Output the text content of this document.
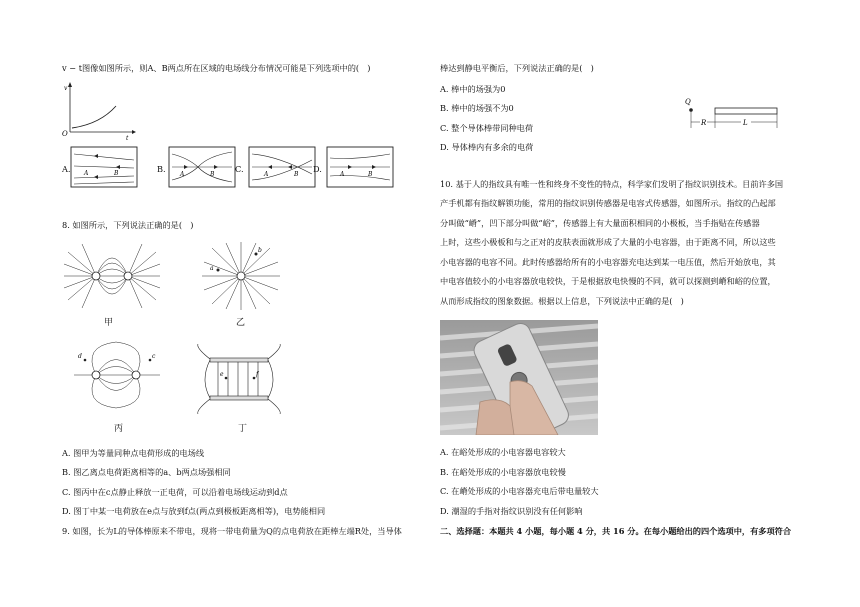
v − t图像如图所示，则A、B两点所在区域的电场线分布情况可能是下列选项中的(　)
v
O
t
A. A	B	B.
A	B
C.
A	B
D.
A	B
8. 如图所示，下列说法正确的是(　)
甲
a
b
乙
d	c
丙
e	f
丁
A. 图甲为等量同种点电荷形成的电场线
B. 图乙离点电荷距离相等的a、b两点场强相同
C. 图丙中在c点静止释放一正电荷，可以沿着电场线运动到d点
D. 图丁中某一电荷放在e点与放到f点(两点到极板距离相等)，电势能相同
9. 如图，长为L的导体棒原来不带电，现将一带电荷量为Q的点电荷放在距棒左端R处，当导体
棒达到静电平衡后，下列说法正确的是(　)
A. 棒中的场强为0
B. 棒中的场强不为0
C. 整个导体棒带同种电荷
D. 导体棒内有多余的电荷
Q
R	L
10. 基于人的指纹具有唯一性和终身不变性的特点，科学家们发明了指纹识别技术。目前许多国
产手机都有指纹解锁功能，常用的指纹识别传感器是电容式传感器，如图所示。指纹的凸起部
分叫做“嵴”，凹下部分叫做“峪”，传感器上有大量面积相同的小极板，当手指贴在传感器
上时，这些小极板和与之正对的皮肤表面就形成了大量的小电容器，由于距离不同，所以这些
小电容器的电容不同。此时传感器给所有的小电容器充电达到某一电压值，然后开始放电，其
中电容值较小的小电容器放电较快，于是根据放电快慢的不同，就可以探测到嵴和峪的位置，
从而形成指纹的图象数据。根据以上信息，下列说法中正确的是(　)
A. 在峪处形成的小电容器电容较大
B. 在峪处形成的小电容器放电较慢
C. 在嵴处形成的小电容器充电后带电量较大
D. 潮湿的手指对指纹识别没有任何影响
二、选择题：本题共 4 小题，每小题 4 分，共 16 分。在每小题给出的四个选项中，有多项符合
